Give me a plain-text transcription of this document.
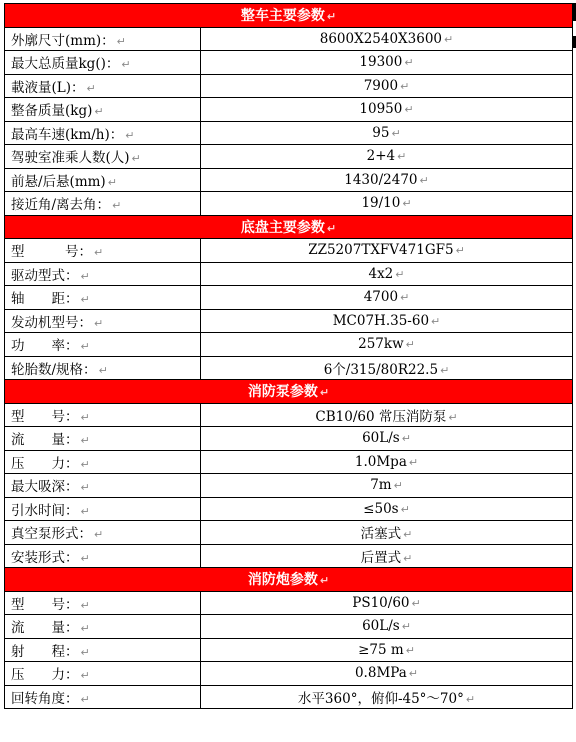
整车主要参数 ↵	
外廓尺寸(mm)： ↵	8600X2540X3600 ↵
最大总质量kg()： ↵	19300 ↵
載液量(L)： ↵	7900 ↵
整备质量(kg) ↵	10950 ↵
最高车速(km/h)： ↵	95 ↵
驾驶室准乘人数(人) ↵	2+4 ↵
前悬/后悬(mm) ↵	1430/2470 ↵
接近角/离去角： ↵	19/10 ↵
底盘主要参数 ↵	
型　　　号： ↵	ZZ5207TXFV471GF5 ↵
驱动型式： ↵	4x2 ↵
轴　　距： ↵	4700 ↵
发动机型号： ↵	MC07H.35-60 ↵
功　　率： ↵	257kw ↵
轮胎数/规格： ↵	6个/315/80R22.5 ↵
消防泵参数 ↵	
型　　号： ↵	CB10/60 常压消防泵 ↵
流　　量： ↵	60L/s ↵
压　　力： ↵	1.0Mpa ↵
最大吸深： ↵	7m ↵
引水时间： ↵	≤50s ↵
真空泵形式： ↵	活塞式 ↵
安装形式： ↵	后置式 ↵
消防炮参数 ↵	
型　　号： ↵	PS10/60 ↵
流　　量： ↵	60L/s ↵
射　　程： ↵	≥75 m ↵
压　　力： ↵	0.8MPa ↵
回转角度： ↵	水平360°，俯仰-45°～70° ↵
